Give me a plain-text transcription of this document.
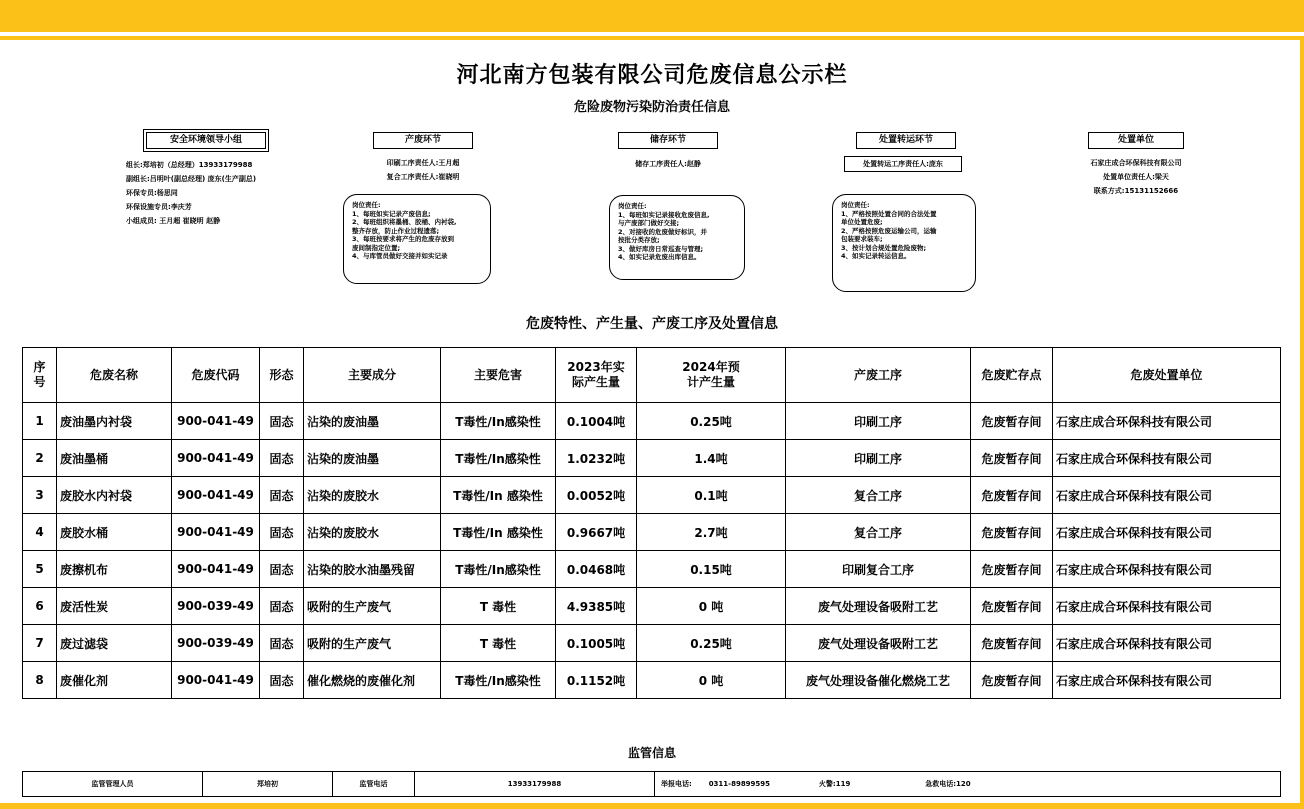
河北南方包装有限公司危废信息公示栏
危险废物污染防治责任信息
安全环境领导小组
组长:郑培初（总经理）13933179988
副组长:吕明叶(副总经理) 庞东(生产副总)
环保专员:杨思同
环保设施专员:李庆芳
小组成员: 王月超 崔晓明 赵静
产废环节
印刷工序责任人:王月超
复合工序责任人:崔晓明
岗位责任:
1、每班如实记录产废信息;
2、每班组织将墨桶、胶桶、内衬袋,
整齐存放，防止作业过程遗落;
3、每班按要求将产生的危废存放到
废间制指定位置;
4、与库管员做好交接并如实记录
储存环节
储存工序责任人:赵静
岗位责任:
1、每班如实记录接收危废信息,
与产废部门做好交接;
2、对接收的危废做好标识，并
按批分类存放;
3、做好库房日常巡查与管理;
4、如实记录危废出库信息。
处置转运环节
处置转运工序责任人:庞东
岗位责任:
1、严格按照处置合同的合法处置
单位处置危废;
2、严格按照危废运输公司，运输
包装要求装车;
3、按计划合规处置危险废物;
4、如实记录转运信息。
处置单位
石家庄成合环保科技有限公司
处置单位责任人:梁天
联系方式:15131152666
危废特性、产生量、产废工序及处置信息
序号	危废名称	危废代码	形态	主要成分	主要危害	2023年实际产生量	2024年预计产生量	产废工序	危废贮存点	危废处置单位
1	废油墨内衬袋	900-041-49	固态	沾染的废油墨	T毒性/In感染性	0.1004吨	0.25吨	印刷工序	危废暂存间	石家庄成合环保科技有限公司
2	废油墨桶	900-041-49	固态	沾染的废油墨	T毒性/In感染性	1.0232吨	1.4吨	印刷工序	危废暂存间	石家庄成合环保科技有限公司
3	废胶水内衬袋	900-041-49	固态	沾染的废胶水	T毒性/In 感染性	0.0052吨	0.1吨	复合工序	危废暂存间	石家庄成合环保科技有限公司
4	废胶水桶	900-041-49	固态	沾染的废胶水	T毒性/In 感染性	0.9667吨	2.7吨	复合工序	危废暂存间	石家庄成合环保科技有限公司
5	废擦机布	900-041-49	固态	沾染的胶水油墨残留	T毒性/In感染性	0.0468吨	0.15吨	印刷复合工序	危废暂存间	石家庄成合环保科技有限公司
6	废活性炭	900-039-49	固态	吸附的生产废气	T 毒性	4.9385吨	0 吨	废气处理设备吸附工艺	危废暂存间	石家庄成合环保科技有限公司
7	废过滤袋	900-039-49	固态	吸附的生产废气	T 毒性	0.1005吨	0.25吨	废气处理设备吸附工艺	危废暂存间	石家庄成合环保科技有限公司
8	废催化剂	900-041-49	固态	催化燃烧的废催化剂	T毒性/In感染性	0.1152吨	0 吨	废气处理设备催化燃烧工艺	危废暂存间	石家庄成合环保科技有限公司
监管信息
监管管理人员	郑培初	监管电话	13933179988	举报电话: 0311-89899595	火警:119	急救电话:120
